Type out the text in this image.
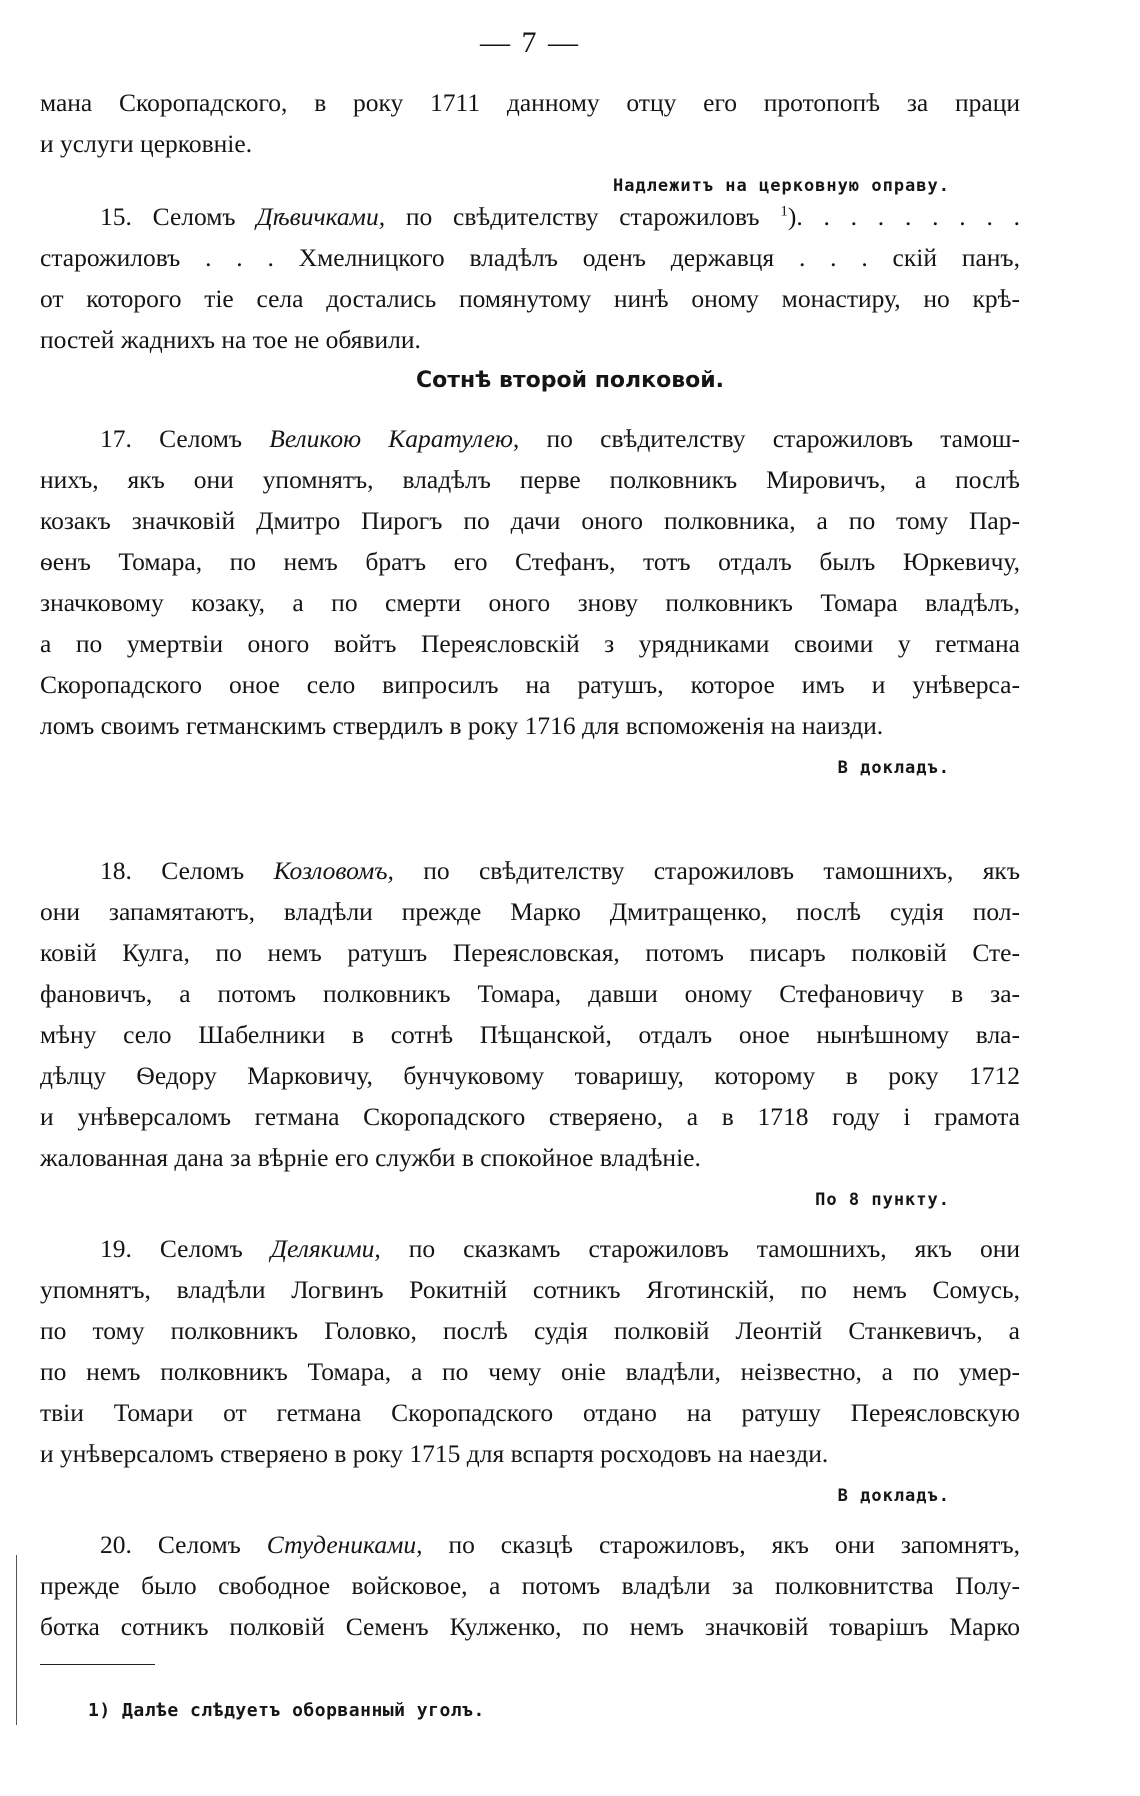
— 7 —
мана Скоропадского, в року 1711 данному отцу его протопопѣ за праци
и услуги церковніе.
Надлежитъ на церковную оправу.
15. Селомъ Дѣвичками, по свѣдителству старожиловъ $^1$). . . . . . . . .
старожиловъ . . . Хмелницкого владѣлъ оденъ державця . . . скій панъ,
от которого тіе села достались помянутому нинѣ оному монастиру, но крѣ-
постей жаднихъ на тое не обявили.
Сотнѣ второй полковой.
17. Селомъ Великою Каратулею, по свѣдителству старожиловъ тамош-
нихъ, якъ они упомнятъ, владѣлъ перве полковникъ Мировичъ, а послѣ
козакъ значковій Дмитро Пирогъ по дачи оного полковника, а по тому Пар-
ѳенъ Томара, по немъ братъ его Стефанъ, тотъ отдалъ былъ Юркевичу,
значковому козаку, а по смерти оного знову полковникъ Томара владѣлъ,
а по умертвіи оного войтъ Переясловскій з урядниками своими у гетмана
Скоропадского оное село випросилъ на ратушъ, которое имъ и унѣверса-
ломъ своимъ гетманскимъ ствердилъ в року 1716 для вспоможенія на наизди.
В докладъ.
18. Селомъ Козловомъ, по свѣдителству старожиловъ тамошнихъ, якъ
они запамятаютъ, владѣли прежде Марко Дмитращенко, послѣ судія пол-
ковій Кулга, по немъ ратушъ Переясловская, потомъ писаръ полковій Сте-
фановичъ, а потомъ полковникъ Томара, давши оному Стефановичу в за-
мѣну село Шабелники в сотнѣ Пѣщанской, отдалъ оное нынѣшному вла-
дѣлцу Ѳедору Марковичу, бунчуковому товаришу, которому в року 1712
и унѣверсаломъ гетмана Скоропадского стверяено, а в 1718 году і грамота
жалованная дана за вѣрніе его служби в спокойное владѣніе.
По 8 пункту.
19. Селомъ Делякими, по сказкамъ старожиловъ тамошнихъ, якъ они
упомнятъ, владѣли Логвинъ Рокитній сотникъ Яготинскій, по немъ Сомусь,
по тому полковникъ Головко, послѣ судія полковій Леонтій Станкевичъ, а
по немъ полковникъ Томара, а по чему оніе владѣли, неізвестно, а по умер-
твіи Томари от гетмана Скоропадского отдано на ратушу Переясловскую
и унѣверсаломъ стверяено в року 1715 для вспартя росходовъ на наезди.
В докладъ.
20. Селомъ Студениками, по сказцѣ старожиловъ, якъ они запомнятъ,
прежде было свободное войсковое, а потомъ владѣли за полковнитства Полу-
ботка сотникъ полковій Семенъ Кулженко, по немъ значковій товарішъ Марко
1) Далѣе слѣдуетъ оборванный уголъ.
